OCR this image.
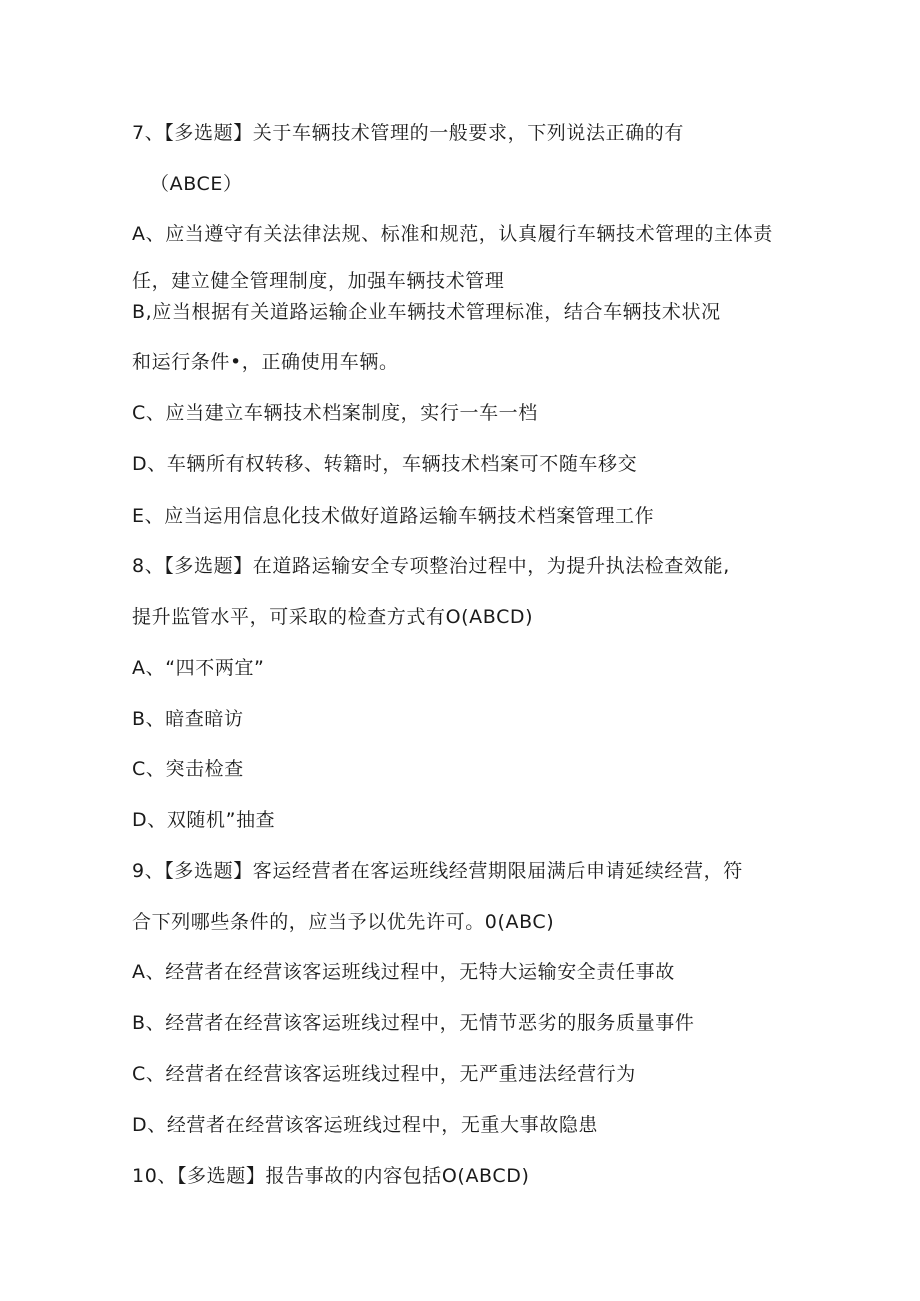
7、【多选题】关于车辆技术管理的一般要求，下列说法正确的有
（ABCE）
A、应当遵守有关法律法规、标准和规范，认真履行车辆技术管理的主体责
任，建立健全管理制度，加强车辆技术管理
B,应当根据有关道路运输企业车辆技术管理标准，结合车辆技术状况
和运行条件•，正确使用车辆。
C、应当建立车辆技术档案制度，实行一车一档
D、车辆所有权转移、转籍时，车辆技术档案可不随车移交
E、应当运用信息化技术做好道路运输车辆技术档案管理工作
8、【多选题】在道路运输安全专项整治过程中，为提升执法检查效能,
提升监管水平，可采取的检查方式有O(ABCD)
A、“四不两宜”
B、暗查暗访
C、突击检查
D、双随机”抽查
9、【多选题】客运经营者在客运班线经营期限届满后申请延续经营，符
合下列哪些条件的，应当予以优先许可。0(ABC)
A、经营者在经营该客运班线过程中，无特大运输安全责任事故
B、经营者在经营该客运班线过程中，无情节恶劣的服务质量事件
C、经营者在经营该客运班线过程中，无严重违法经营行为
D、经营者在经营该客运班线过程中，无重大事故隐患
10、【多选题】报告事故的内容包括O(ABCD)
